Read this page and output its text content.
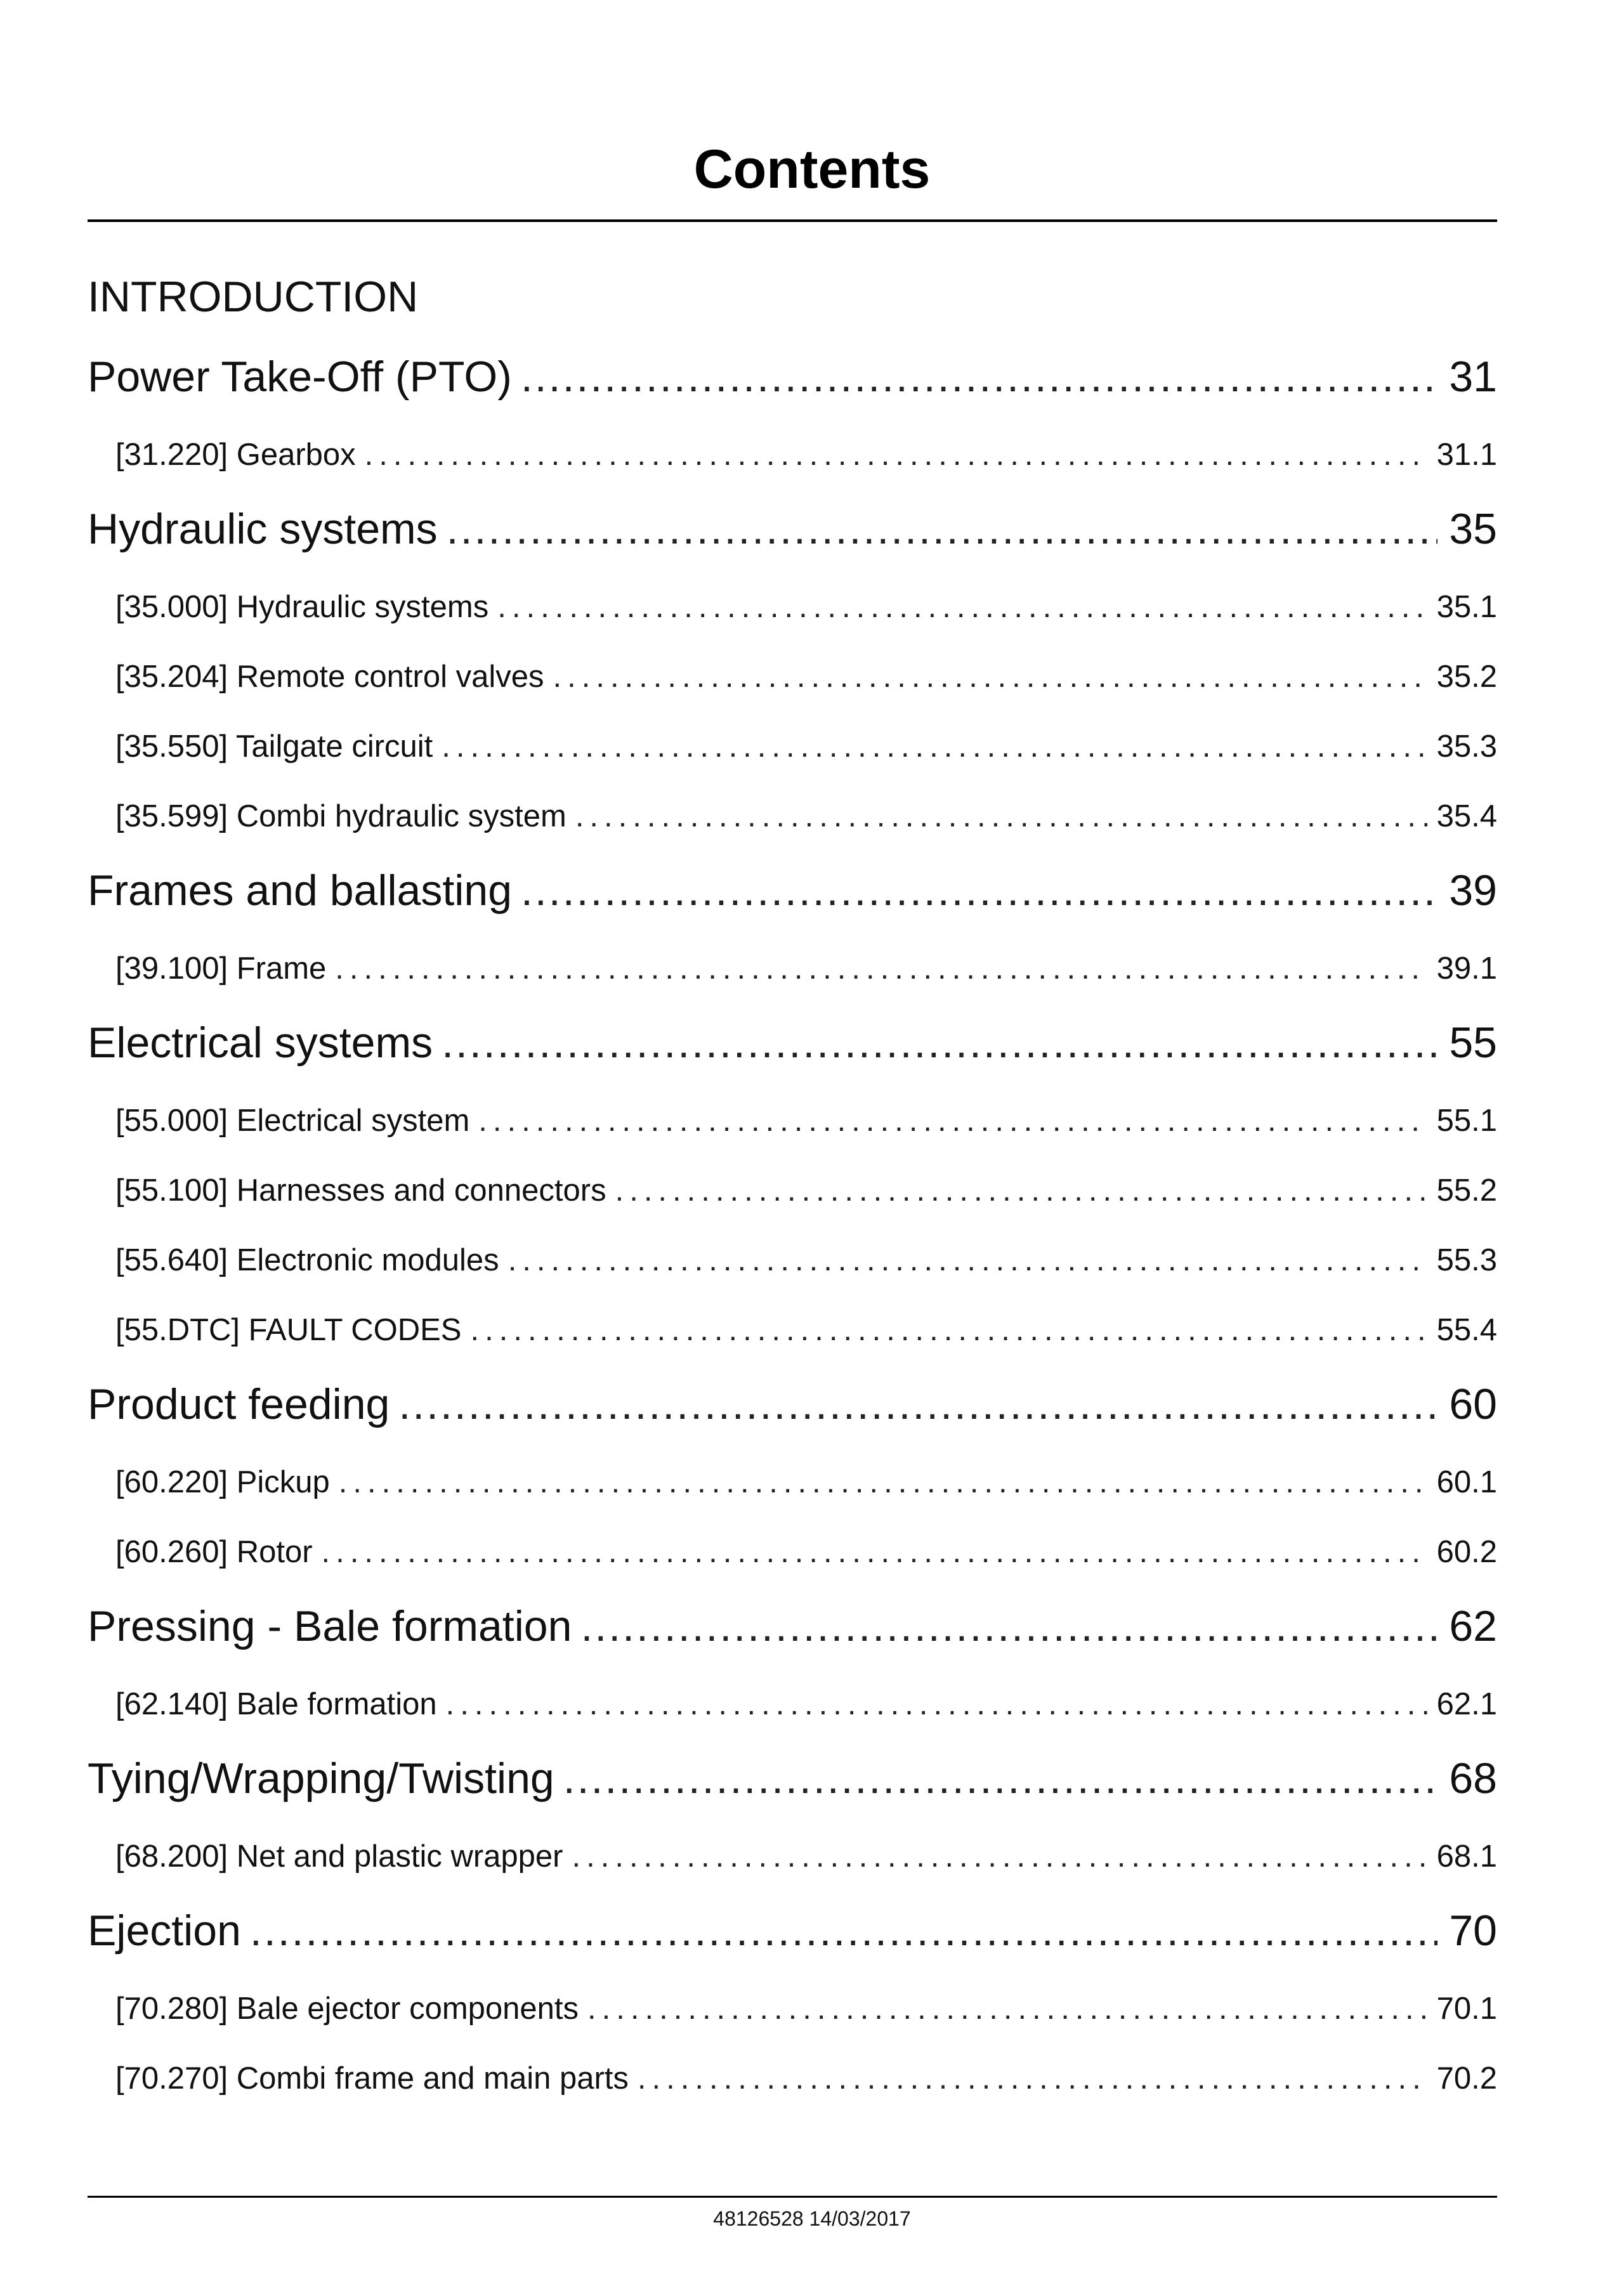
Contents
INTRODUCTION
Power Take-Off (PTO) .....	31
[31.220] Gearbox .....	31.1
Hydraulic systems .....	35
[35.000] Hydraulic systems .....	35.1
[35.204] Remote control valves .....	35.2
[35.550] Tailgate circuit .....	35.3
[35.599] Combi hydraulic system .....	35.4
Frames and ballasting .....	39
[39.100] Frame .....	39.1
Electrical systems .....	55
[55.000] Electrical system .....	55.1
[55.100] Harnesses and connectors .....	55.2
[55.640] Electronic modules .....	55.3
[55.DTC] FAULT CODES .....	55.4
Product feeding .....	60
[60.220] Pickup .....	60.1
[60.260] Rotor .....	60.2
Pressing - Bale formation .....	62
[62.140] Bale formation .....	62.1
Tying/Wrapping/Twisting .....	68
[68.200] Net and plastic wrapper .....	68.1
Ejection .....	70
[70.280] Bale ejector components .....	70.1
[70.270] Combi frame and main parts .....	70.2
48126528 14/03/2017
